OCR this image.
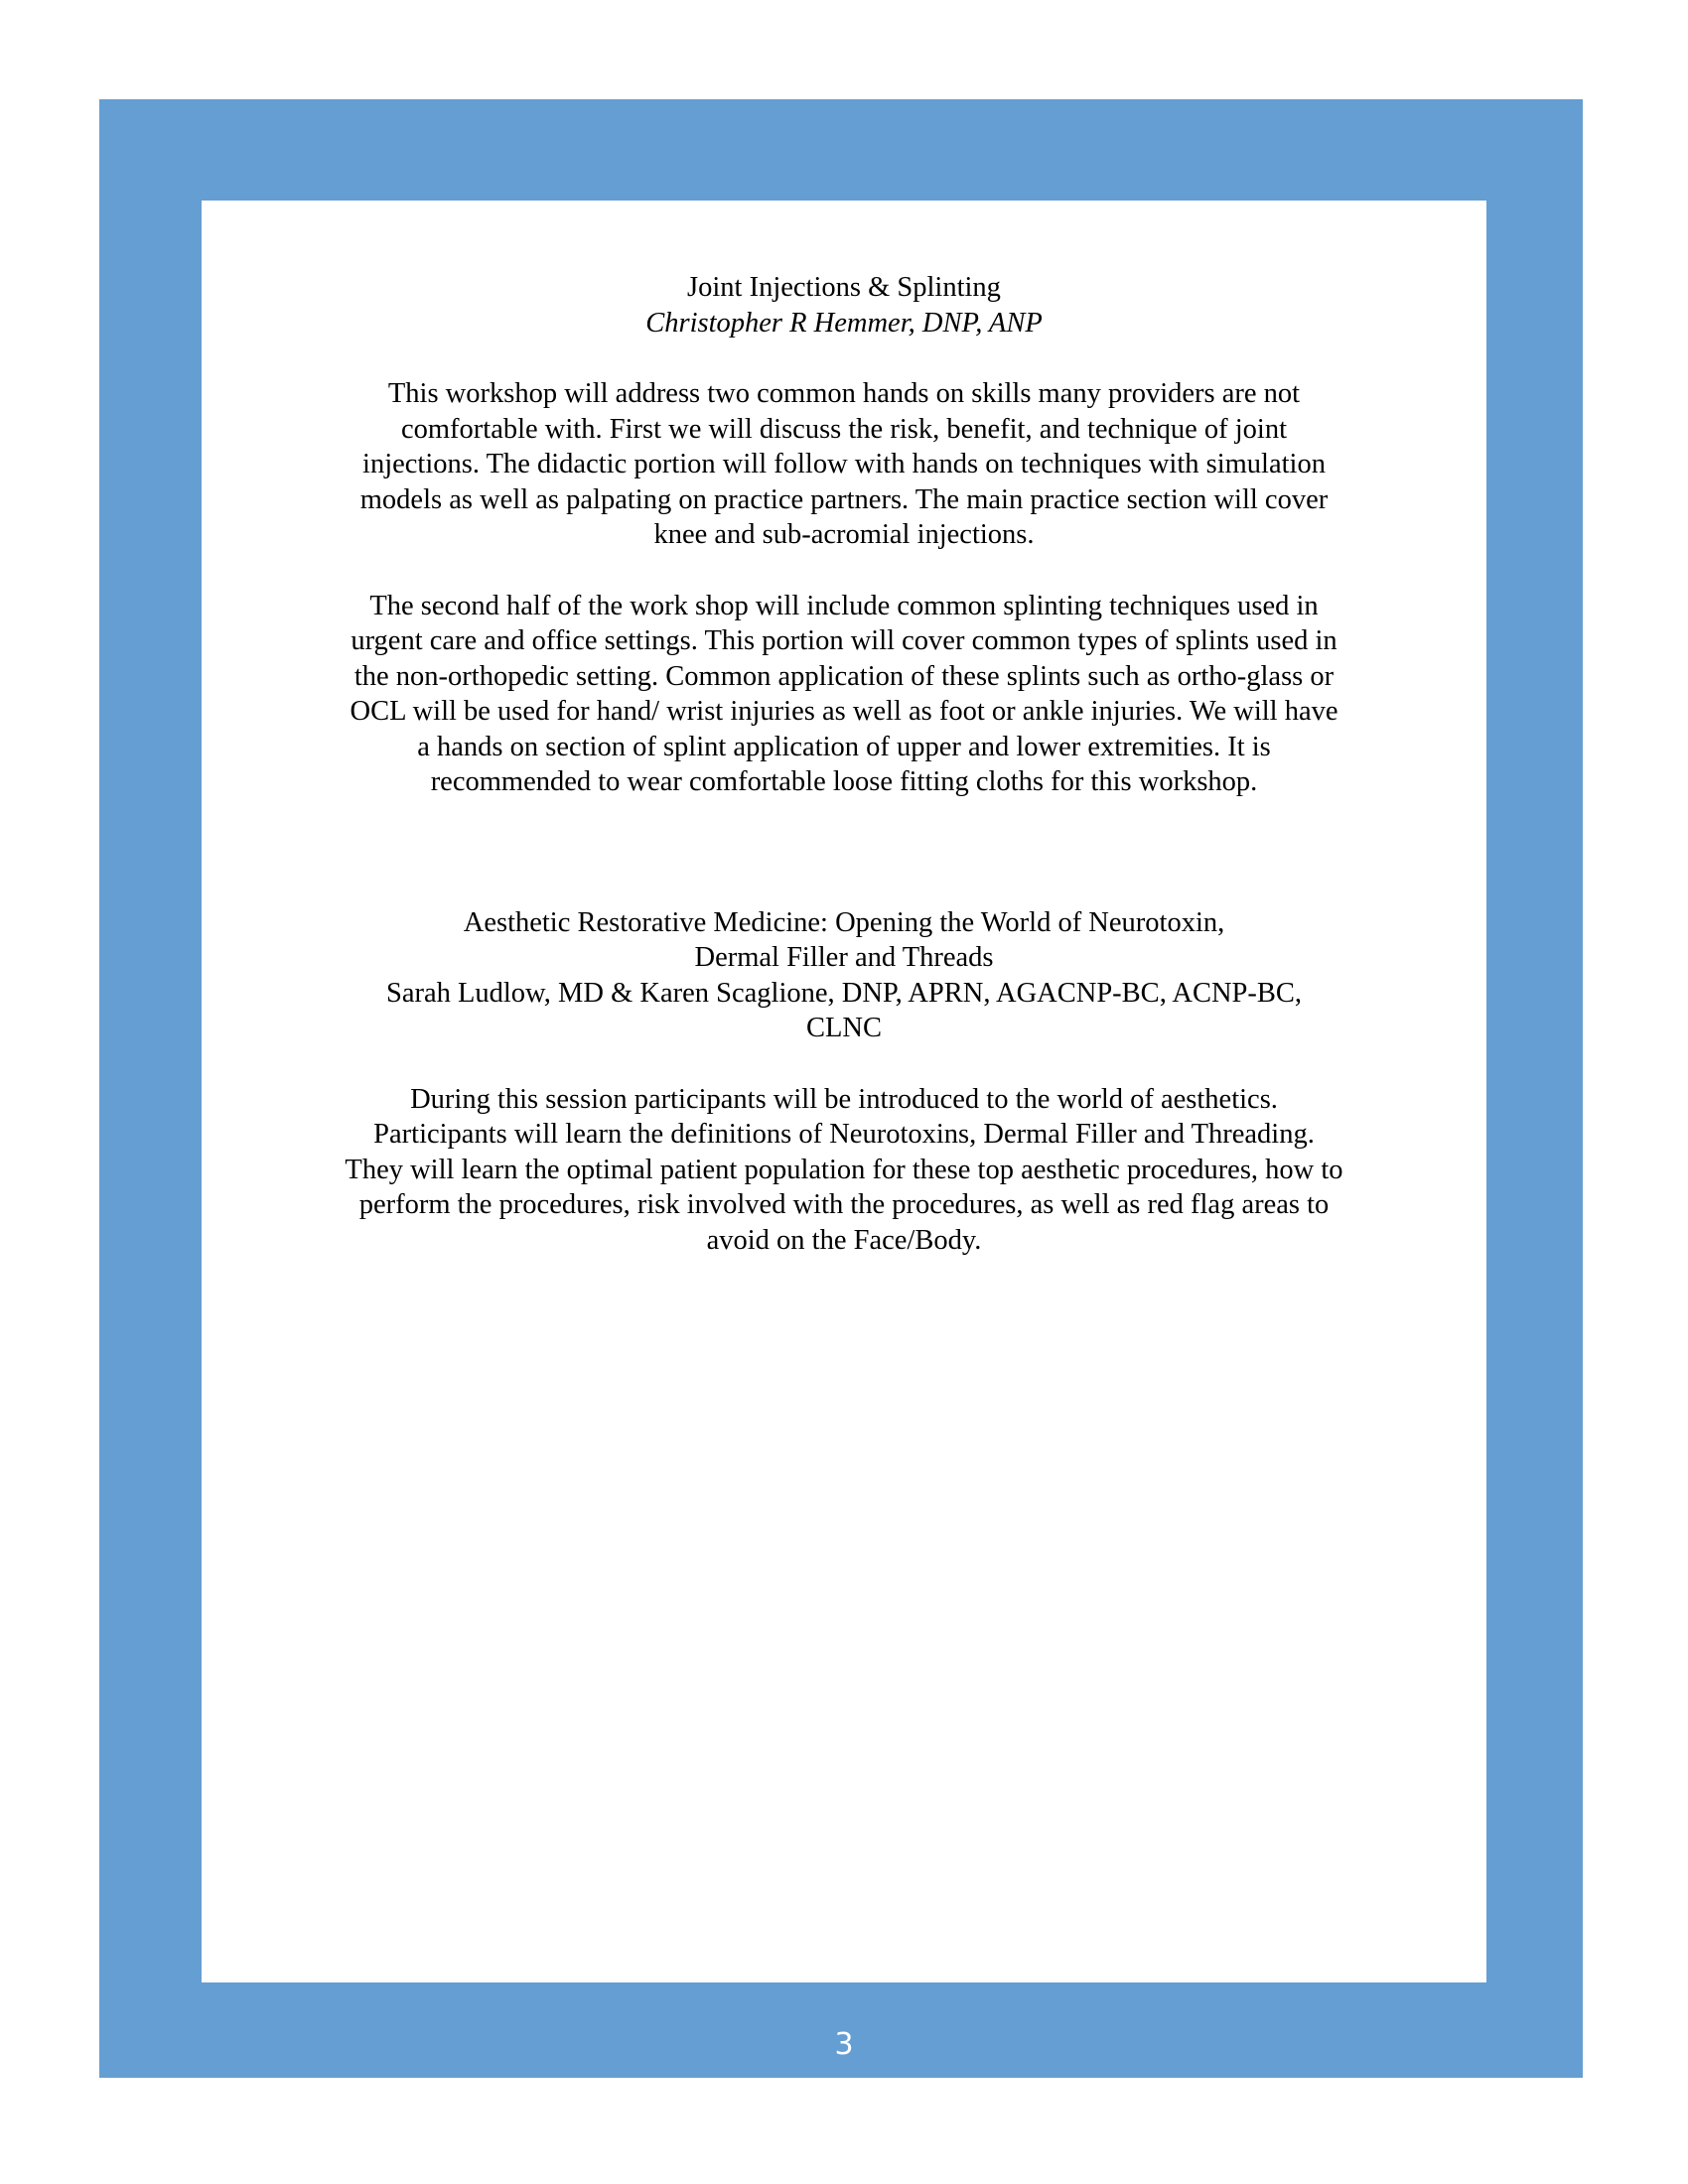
Joint Injections & Splinting
Christopher R Hemmer, DNP, ANP
This workshop will address two common hands on skills many providers are not
comfortable with. First we will discuss the risk, benefit, and technique of joint
injections. The didactic portion will follow with hands on techniques with simulation
models as well as palpating on practice partners. The main practice section will cover
knee and sub-acromial injections.
The second half of the work shop will include common splinting techniques used in
urgent care and office settings. This portion will cover common types of splints used in
the non-orthopedic setting. Common application of these splints such as ortho-glass or
OCL will be used for hand/ wrist injuries as well as foot or ankle injuries. We will have
a hands on section of splint application of upper and lower extremities. It is
recommended to wear comfortable loose fitting cloths for this workshop.
Aesthetic Restorative Medicine: Opening the World of Neurotoxin,
Dermal Filler and Threads
Sarah Ludlow, MD & Karen Scaglione, DNP, APRN, AGACNP-BC, ACNP-BC,
CLNC
During this session participants will be introduced to the world of aesthetics.
Participants will learn the definitions of Neurotoxins, Dermal Filler and Threading.
They will learn the optimal patient population for these top aesthetic procedures, how to
perform the procedures, risk involved with the procedures, as well as red flag areas to
avoid on the Face/Body.
3
